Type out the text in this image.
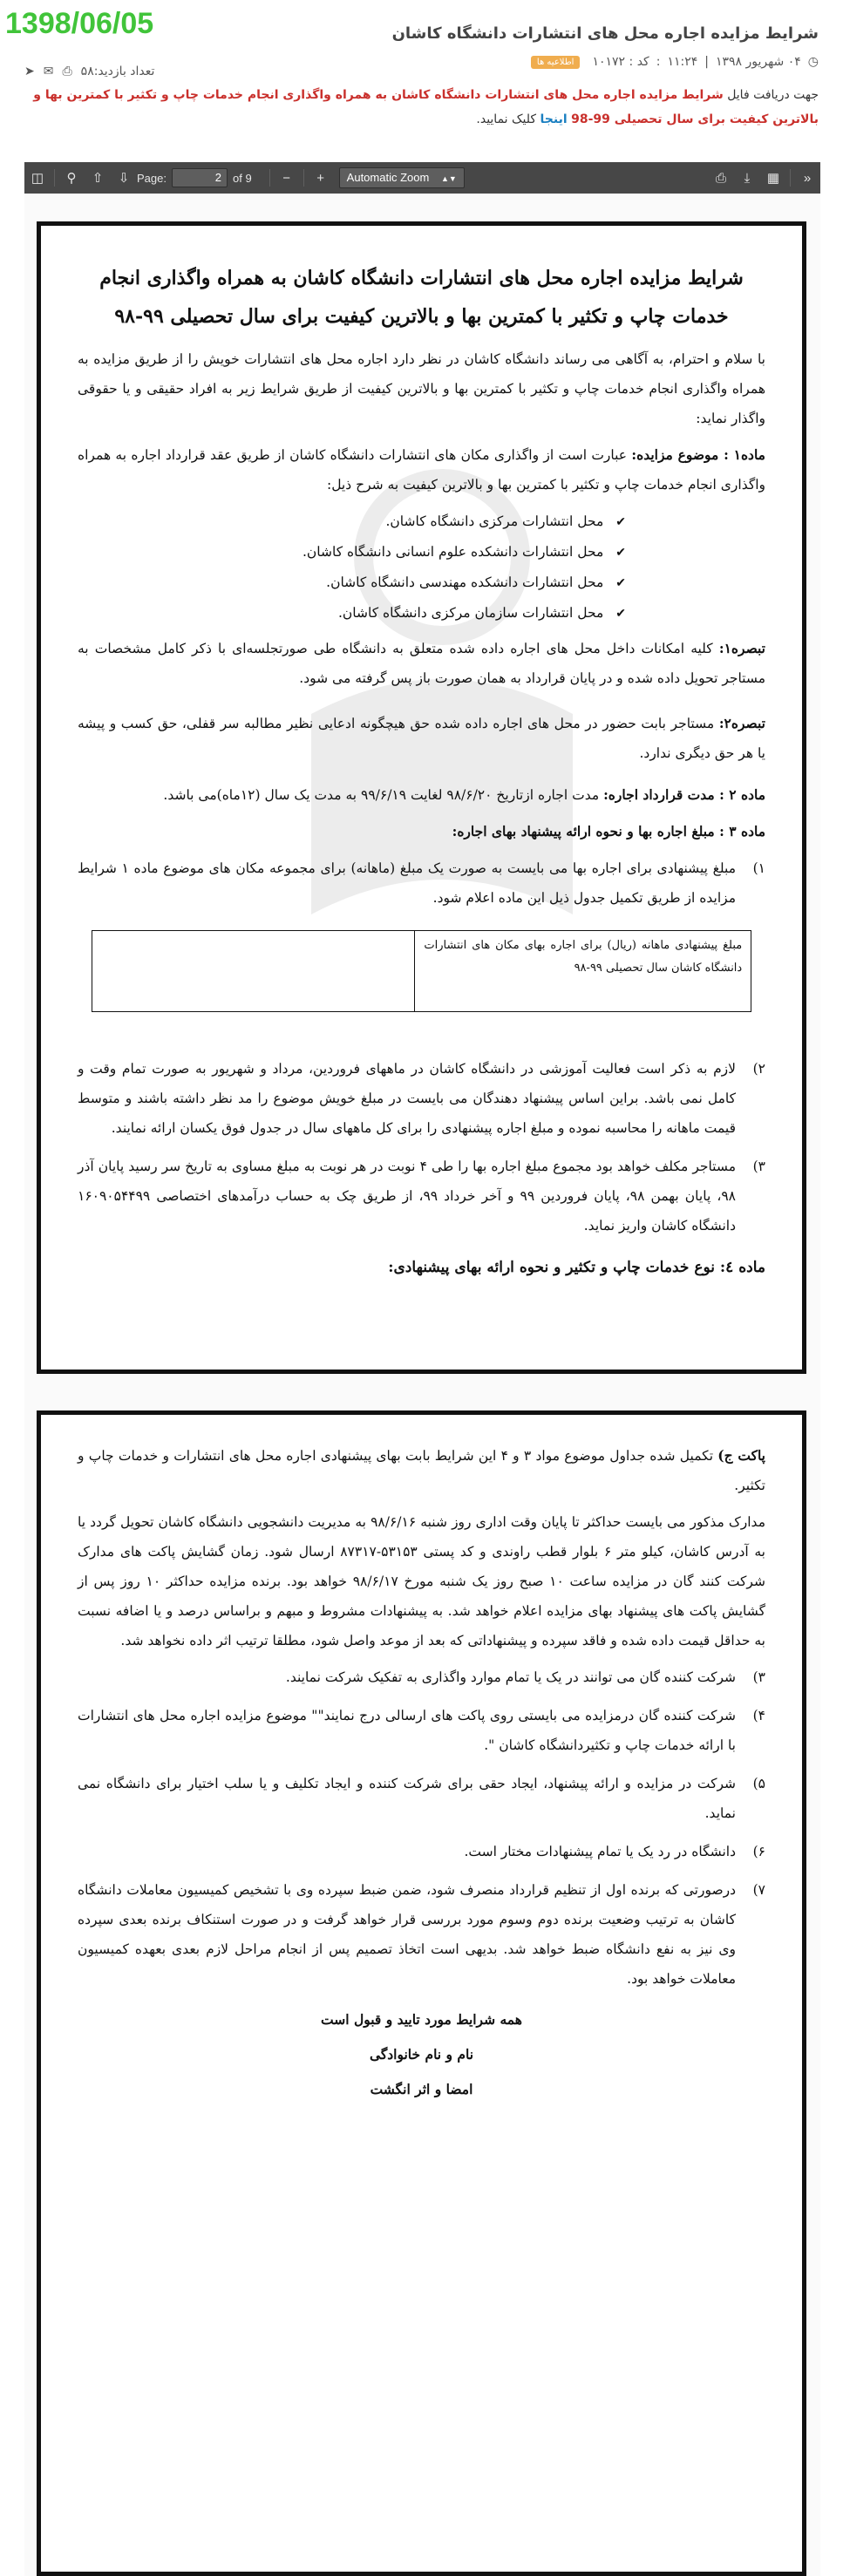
1398/06/05	شرایط مزایده اجاره محل های انتشارات دانشگاه کاشان
◷
۰۴ شهریور ۱۳۹۸
|
۱۱:۲۴
:
کد : ۱۰۱۷۲
اطلاعیه ها
تعداد بازدید:۵۸
⎙
✉
➤
جهت دریافت فایل شرایط مزایده اجاره محل های انتشارات دانشگاه کاشان به همراه واگذاری انجام خدمات چاپ و تکثیر با کمترین بها و بالاترین کیفیت برای سال تحصیلی 99-98 اینجا کلیک نمایید.
◫	⚲	⇧	⇩ Page:	2	of 9	−	+	Automatic Zoom ▲▼	⎙	⤓	▦	»
شرایط مزایده اجاره محل های انتشارات دانشگاه کاشان به همراه واگذاری انجام خدمات چاپ و تکثیر با کمترین بها و بالاترین کیفیت برای سال تحصیلی ۹۹-۹۸

با سلام و احترام، به آگاهی می رساند دانشگاه کاشان در نظر دارد اجاره محل های انتشارات خویش را از طریق مزایده به همراه واگذاری انجام خدمات چاپ و تکثیر با کمترین بها و بالاترین کیفیت از طریق شرایط زیر به افراد حقیقی و یا حقوقی واگذار نماید:

ماده۱ : موضوع مزایده: عبارت است از واگذاری مکان های انتشارات دانشگاه کاشان از طریق عقد قرارداد اجاره به همراه واگذاری انجام خدمات چاپ و تکثیر با کمترین بها و بالاترین کیفیت به شرح ذیل:

✔ محل انتشارات مرکزی دانشگاه کاشان.
✔ محل انتشارات دانشکده علوم انسانی دانشگاه کاشان.
✔ محل انتشارات دانشکده مهندسی دانشگاه کاشان.
✔ محل انتشارات سازمان مرکزی دانشگاه کاشان.

تبصره۱: کلیه امکانات داخل محل های اجاره داده شده متعلق به دانشگاه طی صورتجلسه‌ای با ذکر کامل مشخصات به مستاجر تحویل داده شده و در پایان قرارداد به همان صورت باز پس گرفته می شود.

تبصره۲: مستاجر بابت حضور در محل های اجاره داده شده حق هیچگونه ادعایی نظیر مطالبه سر قفلی، حق کسب و پیشه یا هر حق دیگری ندارد.

ماده ۲ : مدت قرارداد اجاره: مدت اجاره ازتاریخ ۹۸/۶/۲۰ لغایت ۹۹/۶/۱۹ به مدت یک سال (۱۲ماه)می باشد.

ماده ۳ : مبلغ اجاره بها و نحوه ارائه پیشنهاد بهای اجاره:

۱)
مبلغ پیشنهادی برای اجاره بها می بایست به صورت یک مبلغ (ماهانه) برای مجموعه مکان های موضوع ماده ۱ شرایط مزایده از طریق تکمیل جدول ذیل این ماده اعلام شود.
مبلغ پیشنهادی ماهانه (ریال) برای اجاره بهای مکان های انتشارات دانشگاه کاشان سال تحصیلی ۹۹-۹۸	
۲)
لازم به ذکر است فعالیت آموزشی در دانشگاه کاشان در ماههای فروردین، مرداد و شهریور به صورت تمام وقت و کامل نمی باشد. براین اساس پیشنهاد دهندگان می بایست در مبلغ خویش موضوع را مد نظر داشته باشند و متوسط قیمت ماهانه را محاسبه نموده و مبلغ اجاره پیشنهادی را برای کل ماههای سال در جدول فوق یکسان ارائه نمایند.
۳)
مستاجر مکلف خواهد بود مجموع مبلغ اجاره بها را طی ۴ نوبت در هر نوبت به مبلغ مساوی به تاریخ سر رسید پایان آذر ۹۸، پایان بهمن ۹۸، پایان فروردین ۹۹ و آخر خرداد ۹۹، از طریق چک به حساب درآمدهای اختصاصی ۱۶۰۹۰۵۴۴۹۹ دانشگاه کاشان واریز نماید.

ماده ٤: نوع خدمات چاپ و تکثیر و نحوه ارائه بهای پیشنهادی:

پاکت ج) تکمیل شده جداول موضوع مواد ۳ و ۴ این شرایط بابت بهای پیشنهادی اجاره محل های انتشارات و خدمات چاپ و تکثیر.

مدارک مذکور می بایست حداکثر تا پایان وقت اداری روز شنبه ۹۸/۶/۱۶ به مدیریت دانشجویی دانشگاه کاشان تحویل گردد یا به آدرس کاشان، کیلو متر ۶ بلوار قطب راوندی و کد پستی ۵۳۱۵۳-۸۷۳۱۷ ارسال شود. زمان گشایش پاکت های مدارک شرکت کنند گان در مزایده ساعت ۱۰ صبح روز یک شنبه مورخ ۹۸/۶/۱۷ خواهد بود. برنده مزایده حداکثر ۱۰ روز پس از گشایش پاکت های پیشنهاد بهای مزایده اعلام خواهد شد. به پیشنهادات مشروط و مبهم و براساس درصد و یا اضافه نسبت به حداقل قیمت داده شده و فاقد سپرده و پیشنهاداتی که بعد از موعد واصل شود، مطلقا ترتیب اثر داده نخواهد شد.

۳)
شرکت کننده گان می توانند در یک یا تمام موارد واگذاری به تفکیک شرکت نمایند.
۴)
شرکت کننده گان درمزایده می بایستی روی پاکت های ارسالی درج نمایند"" موضوع مزایده اجاره محل های انتشارات با ارائه خدمات چاپ و تکثیردانشگاه کاشان ".
۵)
شرکت در مزایده و ارائه پیشنهاد، ایجاد حقی برای شرکت کننده و ایجاد تکلیف و یا سلب اختیار برای دانشگاه نمی نماید.
۶)
دانشگاه در رد یک یا تمام پیشنهادات مختار است.
۷)
درصورتی که برنده اول از تنظیم قرارداد منصرف شود، ضمن ضبط سپرده وی با تشخیص کمیسیون معاملات دانشگاه کاشان به ترتیب وضعیت برنده دوم وسوم مورد بررسی قرار خواهد گرفت و در صورت استنکاف برنده بعدی سپرده وی نیز به نفع دانشگاه ضبط خواهد شد. بدیهی است اتخاذ تصمیم پس از انجام مراحل لازم بعدی بعهده کمیسیون معاملات خواهد بود.
همه شرایط مورد تایید و قبول است
نام و نام خانوادگی
امضا و اثر انگشت
